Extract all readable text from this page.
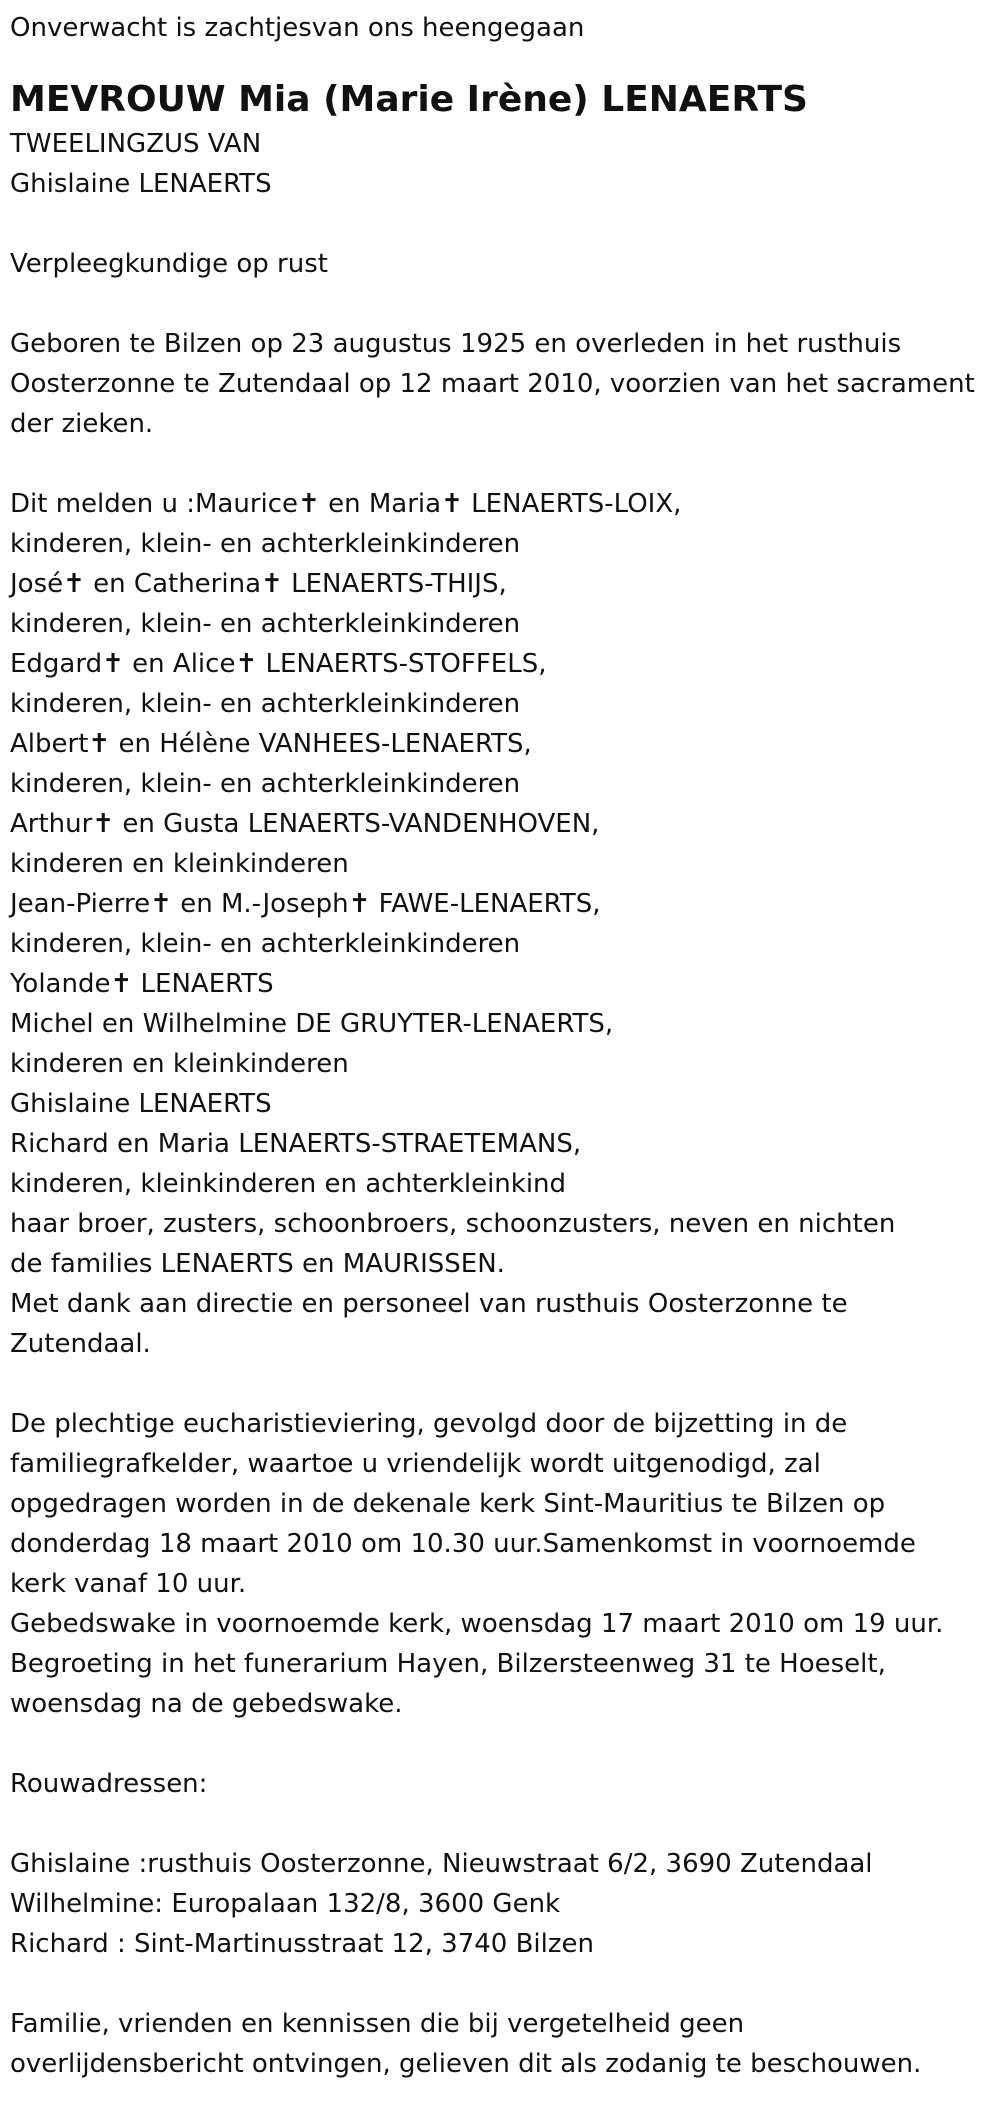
Onverwacht is zachtjesvan ons heengegaan

MEVROUW Mia (Marie Irène) LENAERTS

TWEELINGZUS VAN

Ghislaine LENAERTS

Verpleegkundige op rust

Geboren te Bilzen op 23 augustus 1925 en overleden in het rusthuis

Oosterzonne te Zutendaal op 12 maart 2010, voorzien van het sacrament

der zieken.

Dit melden u :Maurice✝ en Maria✝ LENAERTS-LOIX,

kinderen, klein- en achterkleinkinderen

José✝ en Catherina✝ LENAERTS-THIJS,

kinderen, klein- en achterkleinkinderen

Edgard✝ en Alice✝ LENAERTS-STOFFELS,

kinderen, klein- en achterkleinkinderen

Albert✝ en Hélène VANHEES-LENAERTS,

kinderen, klein- en achterkleinkinderen

Arthur✝ en Gusta LENAERTS-VANDENHOVEN,

kinderen en kleinkinderen

Jean-Pierre✝ en M.-Joseph✝ FAWE-LENAERTS,

kinderen, klein- en achterkleinkinderen

Yolande✝ LENAERTS

Michel en Wilhelmine DE GRUYTER-LENAERTS,

kinderen en kleinkinderen

Ghislaine LENAERTS

Richard en Maria LENAERTS-STRAETEMANS,

kinderen, kleinkinderen en achterkleinkind

haar broer, zusters, schoonbroers, schoonzusters, neven en nichten

de families LENAERTS en MAURISSEN.

Met dank aan directie en personeel van rusthuis Oosterzonne te

Zutendaal.

De plechtige eucharistieviering, gevolgd door de bijzetting in de

familiegrafkelder, waartoe u vriendelijk wordt uitgenodigd, zal

opgedragen worden in de dekenale kerk Sint-Mauritius te Bilzen op

donderdag 18 maart 2010 om 10.30 uur.Samenkomst in voornoemde

kerk vanaf 10 uur.

Gebedswake in voornoemde kerk, woensdag 17 maart 2010 om 19 uur.

Begroeting in het funerarium Hayen, Bilzersteenweg 31 te Hoeselt,

woensdag na de gebedswake.

Rouwadressen:

Ghislaine :rusthuis Oosterzonne, Nieuwstraat 6/2, 3690 Zutendaal

Wilhelmine: Europalaan 132/8, 3600 Genk

Richard : Sint-Martinusstraat 12, 3740 Bilzen

Familie, vrienden en kennissen die bij vergetelheid geen

overlijdensbericht ontvingen, gelieven dit als zodanig te beschouwen.
